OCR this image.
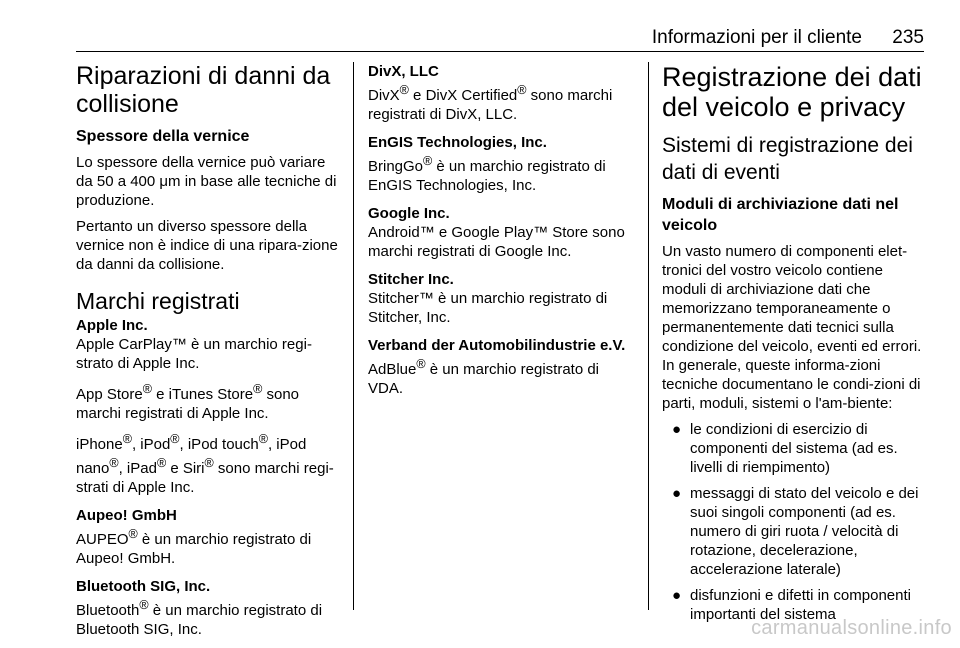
Informazioni per il cliente 235
Riparazioni di danni da collisione
Spessore della vernice

Lo spessore della vernice può variare da 50 a 400 μm in base alle tecniche di produzione.

Pertanto un diverso spessore della vernice non è indice di una ripara-zione da danni da collisione.

Marchi registrati
Apple Inc.

Apple CarPlay™ è un marchio regi-strato di Apple Inc.

App Store® e iTunes Store® sono marchi registrati di Apple Inc.

iPhone®, iPod®, iPod touch®, iPod nano®, iPad® e Siri® sono marchi regi-strati di Apple Inc.

Aupeo! GmbH

AUPEO® è un marchio registrato di Aupeo! GmbH.

Bluetooth SIG, Inc.

Bluetooth® è un marchio registrato di Bluetooth SIG, Inc.

DivX, LLC

DivX® e DivX Certified® sono marchi registrati di DivX, LLC.

EnGIS Technologies, Inc.

BringGo® è un marchio registrato di EnGIS Technologies, Inc.

Google Inc.

Android™ e Google Play™ Store sono marchi registrati di Google Inc.

Stitcher Inc.

Stitcher™ è un marchio registrato di Stitcher, Inc.

Verband der Automobilindustrie e.V.

AdBlue® è un marchio registrato di VDA.

Registrazione dei dati del veicolo e privacy
Sistemi di registrazione dei dati di eventi
Moduli di archiviazione dati nel veicolo

Un vasto numero di componenti elet-tronici del vostro veicolo contiene moduli di archiviazione dati che memorizzano temporaneamente o permanentemente dati tecnici sulla condizione del veicolo, eventi ed errori. In generale, queste informa-zioni tecniche documentano le condi-zioni di parti, moduli, sistemi o l'am-biente:

● le condizioni di esercizio di componenti del sistema (ad es. livelli di riempimento)
● messaggi di stato del veicolo e dei suoi singoli componenti (ad es. numero di giri ruota / velocità di rotazione, decelerazione, accelerazione laterale)
● disfunzioni e difetti in componenti importanti del sistema
carmanualsonline.info
